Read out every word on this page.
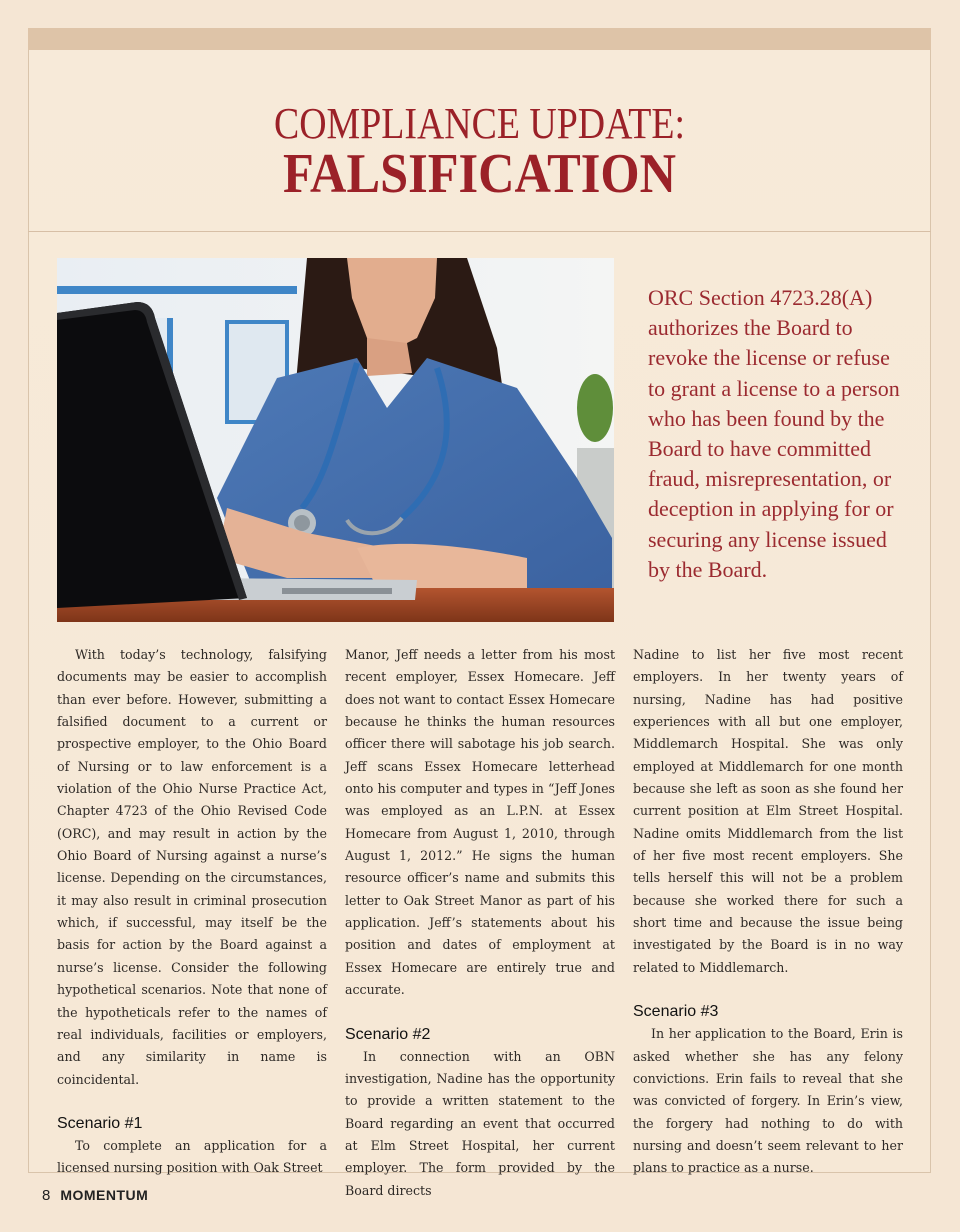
COMPLIANCE UPDATE:
FALSIFICATION
ORC Section 4723.28(A) authorizes the Board to revoke the license or refuse to grant a license to a person who has been found by the Board to have committed fraud, misrepresentation, or deception in applying for or securing any license issued by the Board.

With today’s technology, falsifying documents may be easier to accomplish than ever before. However, submitting a falsified document to a current or prospective employer, to the Ohio Board of Nursing or to law enforcement is a violation of the Ohio Nurse Practice Act, Chapter 4723 of the Ohio Revised Code (ORC), and may result in action by the Ohio Board of Nursing against a nurse’s license. Depending on the circumstances, it may also result in criminal prosecution which, if successful, may itself be the basis for action by the Board against a nurse’s license. Consider the following hypothetical scenarios. Note that none of the hypotheticals refer to the names of real individuals, facilities or employers, and any similarity in name is coincidental.

Scenario #1

To complete an application for a licensed nursing position with Oak Street

Manor, Jeff needs a letter from his most recent employer, Essex Homecare. Jeff does not want to contact Essex Homecare because he thinks the human resources officer there will sabotage his job search. Jeff scans Essex Homecare letterhead onto his computer and types in “Jeff Jones was employed as an L.P.N. at Essex Homecare from August 1, 2010, through August 1, 2012.” He signs the human resource officer’s name and submits this letter to Oak Street Manor as part of his application. Jeff’s statements about his position and dates of employment at Essex Homecare are entirely true and accurate.

Scenario #2

In connection with an OBN investigation, Nadine has the opportunity to provide a written statement to the Board regarding an event that occurred at Elm Street Hospital, her current employer. The form provided by the Board directs

Nadine to list her five most recent employers. In her twenty years of nursing, Nadine has had positive experiences with all but one employer, Middlemarch Hospital. She was only employed at Middlemarch for one month because she left as soon as she found her current position at Elm Street Hospital. Nadine omits Middlemarch from the list of her five most recent employers. She tells herself this will not be a problem because she worked there for such a short time and because the issue being investigated by the Board is in no way related to Middlemarch.

Scenario #3

In her application to the Board, Erin is asked whether she has any felony convictions. Erin fails to reveal that she was convicted of forgery. In Erin’s view, the forgery had nothing to do with nursing and doesn’t seem relevant to her plans to practice as a nurse.

8 MOMENTUM
